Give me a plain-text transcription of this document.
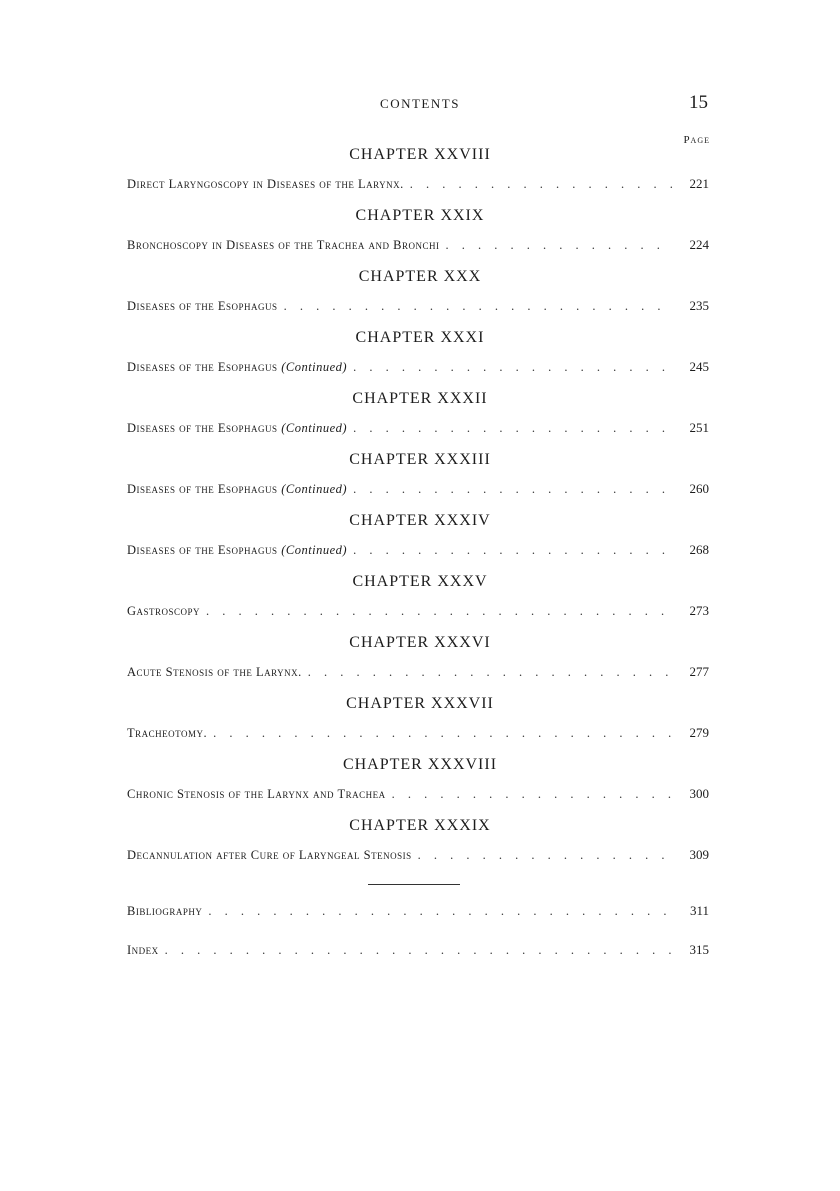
CONTENTS	15
Page
CHAPTER XXVIII
Direct Laryngoscopy in Diseases of the Larynx. . . .	221
CHAPTER XXIX
Bronchoscopy in Diseases of the Trachea and Bronchi . . .	224
CHAPTER XXX
Diseases of the Esophagus . . .	235
CHAPTER XXXI
Diseases of the Esophagus (Continued) . . .	245
CHAPTER XXXII
Diseases of the Esophagus (Continued) . . .	251
CHAPTER XXXIII
Diseases of the Esophagus (Continued) . . .	260
CHAPTER XXXIV
Diseases of the Esophagus (Continued) . . .	268
CHAPTER XXXV
Gastroscopy . . .	273
CHAPTER XXXVI
Acute Stenosis of the Larynx. . . .	277
CHAPTER XXXVII
Tracheotomy. . . .	279
CHAPTER XXXVIII
Chronic Stenosis of the Larynx and Trachea . . .	300
CHAPTER XXXIX
Decannulation after Cure of Laryngeal Stenosis . . .	309
Bibliography . . .	311
Index . . .	315
